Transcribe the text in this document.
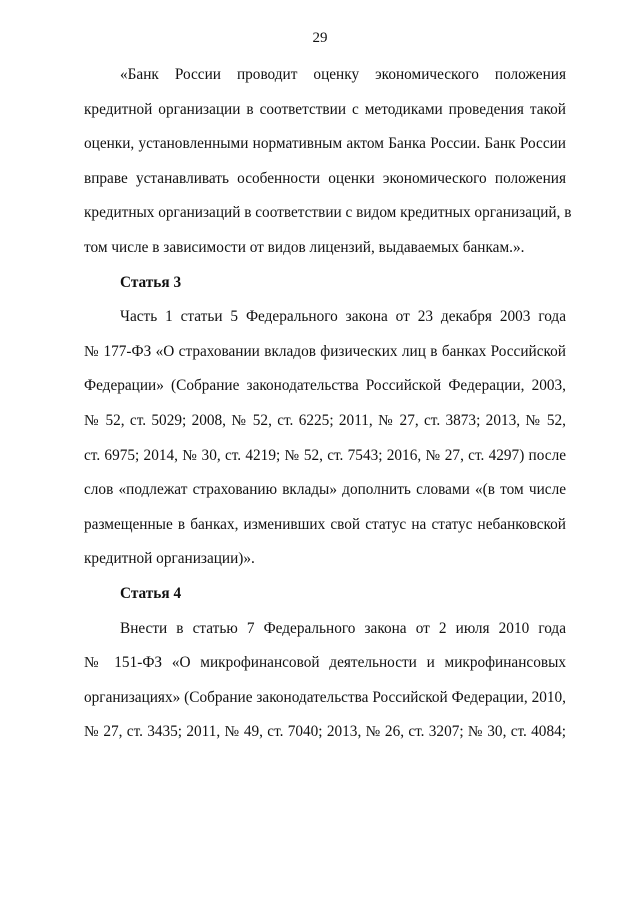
29
«Банк России проводит оценку экономического положения
кредитной организации в соответствии с методиками проведения такой
оценки, установленными нормативным актом Банка России. Банк России
вправе устанавливать особенности оценки экономического положения
кредитных организаций в соответствии с видом кредитных организаций, в
том числе в зависимости от видов лицензий, выдаваемых банкам.».
Статья 3
Часть 1 статьи 5 Федерального закона от 23 декабря 2003 года
№ 177-ФЗ «О страховании вкладов физических лиц в банках Российской
Федерации» (Собрание законодательства Российской Федерации, 2003,
№ 52, ст. 5029; 2008, № 52, ст. 6225; 2011, № 27, ст. 3873; 2013, № 52,
ст. 6975; 2014, № 30, ст. 4219; № 52, ст. 7543; 2016, № 27, ст. 4297) после
слов «подлежат страхованию вклады» дополнить словами «(в том числе
размещенные в банках, изменивших свой статус на статус небанковской
кредитной организации)».
Статья 4
Внести в статью 7 Федерального закона от 2 июля 2010 года
№ 151-ФЗ «О микрофинансовой деятельности и микрофинансовых
организациях» (Собрание законодательства Российской Федерации, 2010,
№ 27, ст. 3435; 2011, № 49, ст. 7040; 2013, № 26, ст. 3207; № 30, ст. 4084;
